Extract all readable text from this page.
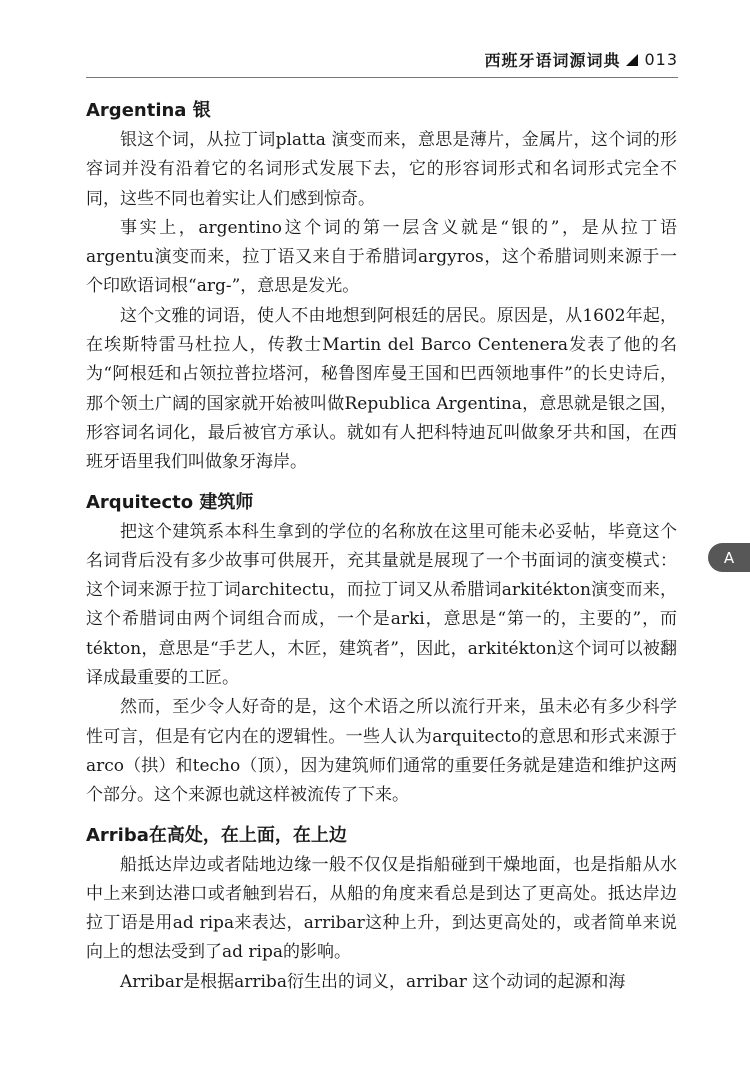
西班牙语词源词典 013
A
Argentina 银

银这个词，从拉丁词platta 演变而来，意思是薄片，金属片，这个词的形容词并没有沿着它的名词形式发展下去，它的形容词形式和名词形式完全不同，这些不同也着实让人们感到惊奇。

事实上，argentino这个词的第一层含义就是“银的”，是从拉丁语argentu演变而来，拉丁语又来自于希腊词argyros，这个希腊词则来源于一个印欧语词根“arg-”，意思是发光。

这个文雅的词语，使人不由地想到阿根廷的居民。原因是，从1602年起，在埃斯特雷马杜拉人，传教士Martin del Barco Centenera发表了他的名为“阿根廷和占领拉普拉塔河，秘鲁图库曼王国和巴西领地事件”的长史诗后，那个领土广阔的国家就开始被叫做Republica Argentina，意思就是银之国，形容词名词化，最后被官方承认。就如有人把科特迪瓦叫做象牙共和国，在西班牙语里我们叫做象牙海岸。

Arquitecto 建筑师

把这个建筑系本科生拿到的学位的名称放在这里可能未必妥帖，毕竟这个名词背后没有多少故事可供展开，充其量就是展现了一个书面词的演变模式：这个词来源于拉丁词architectu，而拉丁词又从希腊词arkitékton演变而来，这个希腊词由两个词组合而成，一个是arki，意思是“第一的，主要的”，而tékton，意思是“手艺人，木匠，建筑者”，因此，arkitékton这个词可以被翻译成最重要的工匠。

然而，至少令人好奇的是，这个术语之所以流行开来，虽未必有多少科学性可言，但是有它内在的逻辑性。一些人认为arquitecto的意思和形式来源于arco（拱）和techo（顶），因为建筑师们通常的重要任务就是建造和维护这两个部分。这个来源也就这样被流传了下来。

Arriba在高处，在上面，在上边

船抵达岸边或者陆地边缘一般不仅仅是指船碰到干燥地面，也是指船从水中上来到达港口或者触到岩石，从船的角度来看总是到达了更高处。抵达岸边拉丁语是用ad ripa来表达，arribar这种上升，到达更高处的，或者简单来说向上的想法受到了ad ripa的影响。

Arribar是根据arriba衍生出的词义，arribar 这个动词的起源和海
